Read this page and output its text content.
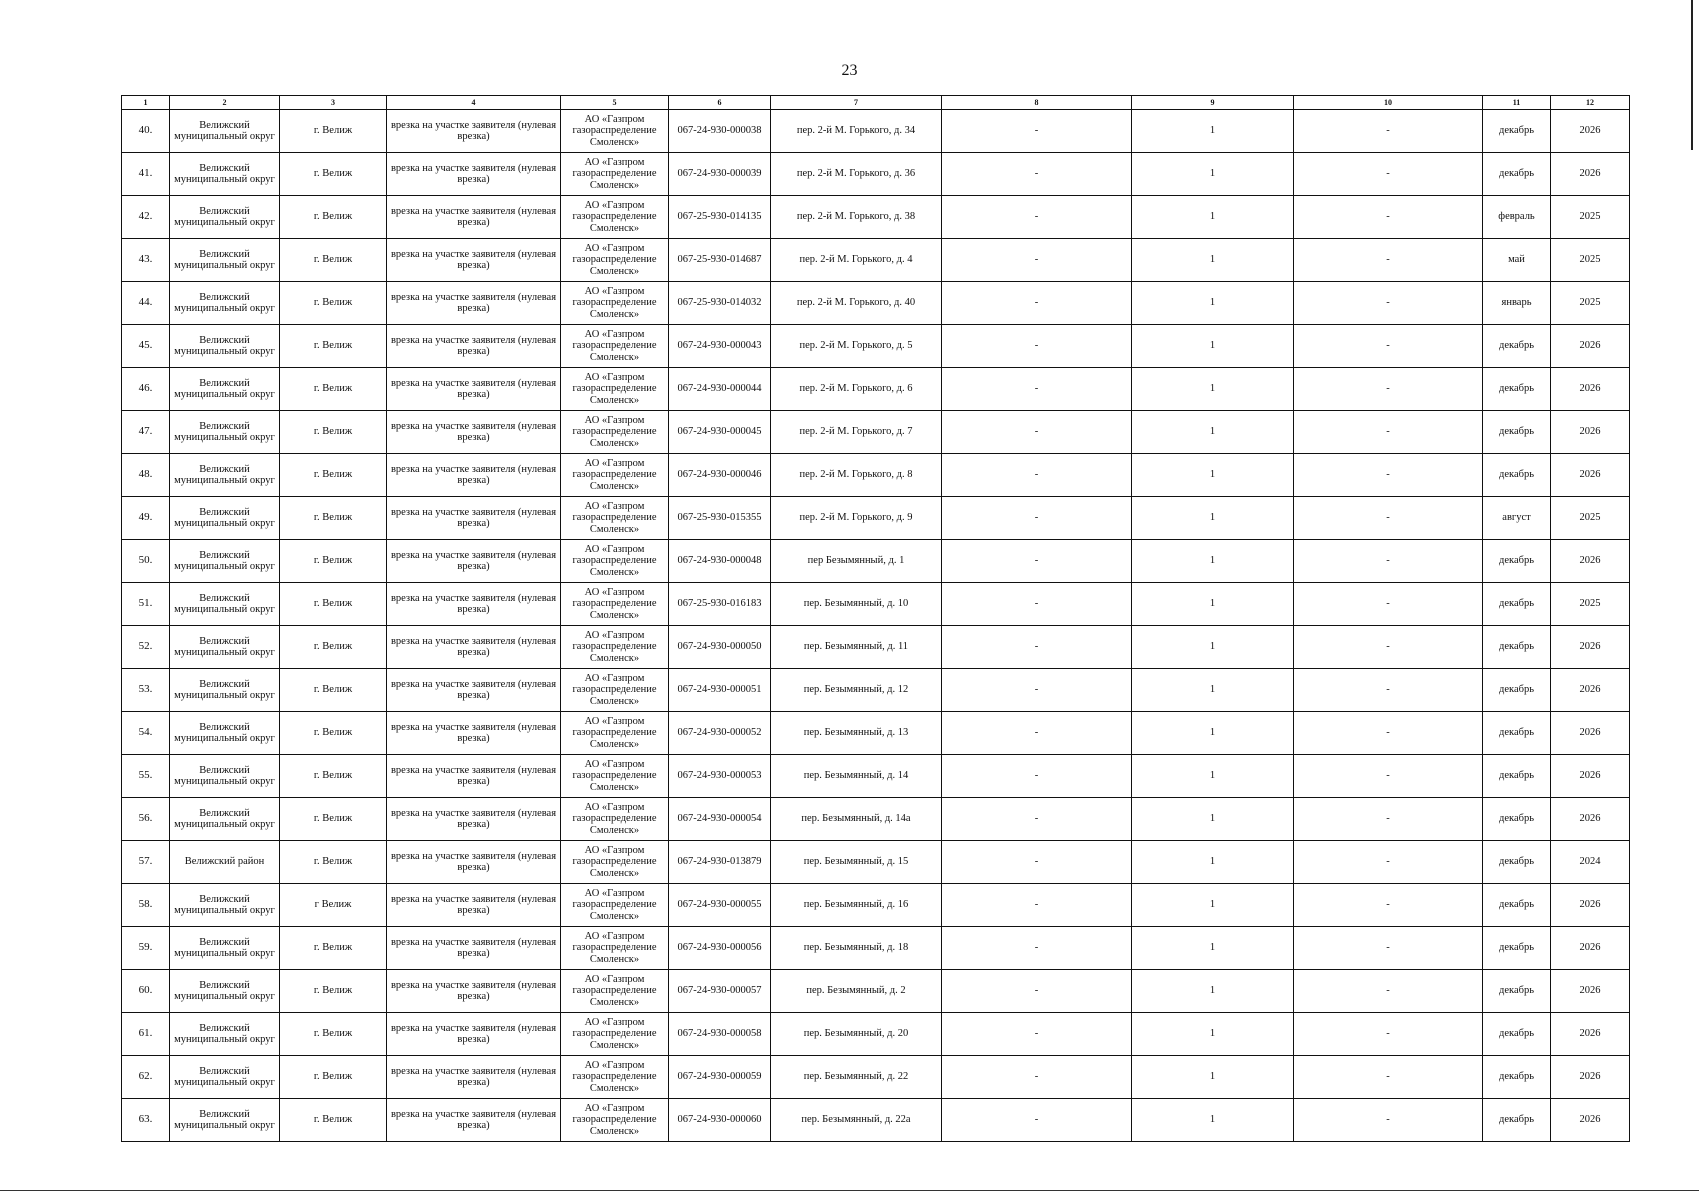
23
1	2	3	4	5	6	7	8	9	10	11	12
40.	Велижский муниципальный округ	г. Велиж	врезка на участке заявителя (нулевая врезка)	АО «Газпром газораспределение Смоленск»	067-24-930-000038	пер. 2-й М. Горького, д. 34	-	1	-	декабрь	2026
41.	Велижский муниципальный округ	г. Велиж	врезка на участке заявителя (нулевая врезка)	АО «Газпром газораспределение Смоленск»	067-24-930-000039	пер. 2-й М. Горького, д. 36	-	1	-	декабрь	2026
42.	Велижский муниципальный округ	г. Велиж	врезка на участке заявителя (нулевая врезка)	АО «Газпром газораспределение Смоленск»	067-25-930-014135	пер. 2-й М. Горького, д. 38	-	1	-	февраль	2025
43.	Велижский муниципальный округ	г. Велиж	врезка на участке заявителя (нулевая врезка)	АО «Газпром газораспределение Смоленск»	067-25-930-014687	пер. 2-й М. Горького, д. 4	-	1	-	май	2025
44.	Велижский муниципальный округ	г. Велиж	врезка на участке заявителя (нулевая врезка)	АО «Газпром газораспределение Смоленск»	067-25-930-014032	пер. 2-й М. Горького, д. 40	-	1	-	январь	2025
45.	Велижский муниципальный округ	г. Велиж	врезка на участке заявителя (нулевая врезка)	АО «Газпром газораспределение Смоленск»	067-24-930-000043	пер. 2-й М. Горького, д. 5	-	1	-	декабрь	2026
46.	Велижский муниципальный округ	г. Велиж	врезка на участке заявителя (нулевая врезка)	АО «Газпром газораспределение Смоленск»	067-24-930-000044	пер. 2-й М. Горького, д. 6	-	1	-	декабрь	2026
47.	Велижский муниципальный округ	г. Велиж	врезка на участке заявителя (нулевая врезка)	АО «Газпром газораспределение Смоленск»	067-24-930-000045	пер. 2-й М. Горького, д. 7	-	1	-	декабрь	2026
48.	Велижский муниципальный округ	г. Велиж	врезка на участке заявителя (нулевая врезка)	АО «Газпром газораспределение Смоленск»	067-24-930-000046	пер. 2-й М. Горького, д. 8	-	1	-	декабрь	2026
49.	Велижский муниципальный округ	г. Велиж	врезка на участке заявителя (нулевая врезка)	АО «Газпром газораспределение Смоленск»	067-25-930-015355	пер. 2-й М. Горького, д. 9	-	1	-	август	2025
50.	Велижский муниципальный округ	г. Велиж	врезка на участке заявителя (нулевая врезка)	АО «Газпром газораспределение Смоленск»	067-24-930-000048	пер Безымянный, д. 1	-	1	-	декабрь	2026
51.	Велижский муниципальный округ	г. Велиж	врезка на участке заявителя (нулевая врезка)	АО «Газпром газораспределение Смоленск»	067-25-930-016183	пер. Безымянный, д. 10	-	1	-	декабрь	2025
52.	Велижский муниципальный округ	г. Велиж	врезка на участке заявителя (нулевая врезка)	АО «Газпром газораспределение Смоленск»	067-24-930-000050	пер. Безымянный, д. 11	-	1	-	декабрь	2026
53.	Велижский муниципальный округ	г. Велиж	врезка на участке заявителя (нулевая врезка)	АО «Газпром газораспределение Смоленск»	067-24-930-000051	пер. Безымянный, д. 12	-	1	-	декабрь	2026
54.	Велижский муниципальный округ	г. Велиж	врезка на участке заявителя (нулевая врезка)	АО «Газпром газораспределение Смоленск»	067-24-930-000052	пер. Безымянный, д. 13	-	1	-	декабрь	2026
55.	Велижский муниципальный округ	г. Велиж	врезка на участке заявителя (нулевая врезка)	АО «Газпром газораспределение Смоленск»	067-24-930-000053	пер. Безымянный, д. 14	-	1	-	декабрь	2026
56.	Велижский муниципальный округ	г. Велиж	врезка на участке заявителя (нулевая врезка)	АО «Газпром газораспределение Смоленск»	067-24-930-000054	пер. Безымянный, д. 14а	-	1	-	декабрь	2026
57.	Велижский район	г. Велиж	врезка на участке заявителя (нулевая врезка)	АО «Газпром газораспределение Смоленск»	067-24-930-013879	пер. Безымянный, д. 15	-	1	-	декабрь	2024
58.	Велижский муниципальный округ	г Велиж	врезка на участке заявителя (нулевая врезка)	АО «Газпром газораспределение Смоленск»	067-24-930-000055	пер. Безымянный, д. 16	-	1	-	декабрь	2026
59.	Велижский муниципальный округ	г. Велиж	врезка на участке заявителя (нулевая врезка)	АО «Газпром газораспределение Смоленск»	067-24-930-000056	пер. Безымянный, д. 18	-	1	-	декабрь	2026
60.	Велижский муниципальный округ	г. Велиж	врезка на участке заявителя (нулевая врезка)	АО «Газпром газораспределение Смоленск»	067-24-930-000057	пер. Безымянный, д. 2	-	1	-	декабрь	2026
61.	Велижский муниципальный округ	г. Велиж	врезка на участке заявителя (нулевая врезка)	АО «Газпром газораспределение Смоленск»	067-24-930-000058	пер. Безымянный, д. 20	-	1	-	декабрь	2026
62.	Велижский муниципальный округ	г. Велиж	врезка на участке заявителя (нулевая врезка)	АО «Газпром газораспределение Смоленск»	067-24-930-000059	пер. Безымянный, д. 22	-	1	-	декабрь	2026
63.	Велижский муниципальный округ	г. Велиж	врезка на участке заявителя (нулевая врезка)	АО «Газпром газораспределение Смоленск»	067-24-930-000060	пер. Безымянный, д. 22а	-	1	-	декабрь	2026
